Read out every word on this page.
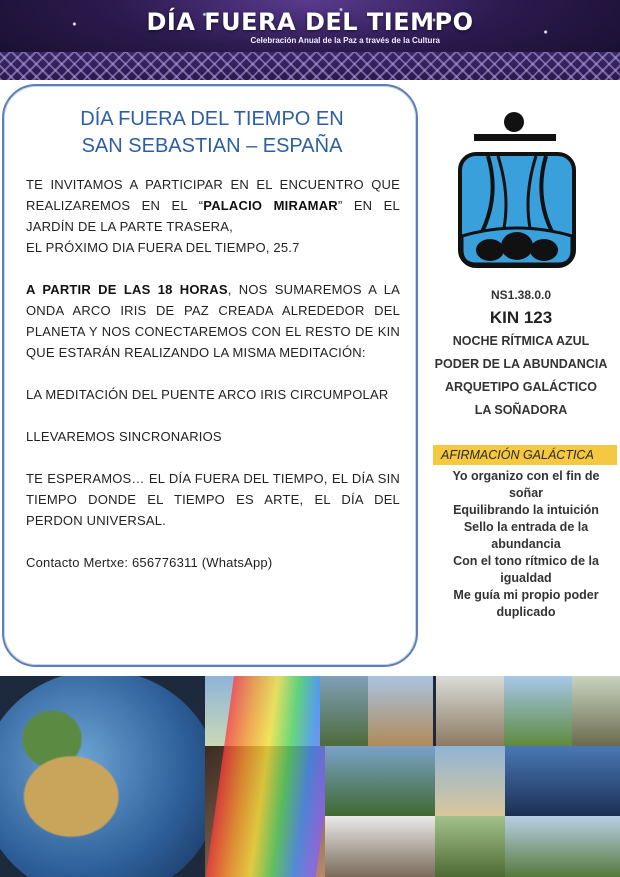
DÍA FUERA DEL TIEMPO
Celebración Anual de la Paz a través de la Cultura
DÍA FUERA DEL TIEMPO EN
SAN SEBASTIAN – ESPAÑA

TE INVITAMOS A PARTICIPAR EN EL ENCUENTRO QUE REALIZAREMOS EN EL “PALACIO MIRAMAR” EN EL JARDÍN DE LA PARTE TRASERA,

EL PRÓXIMO DIA FUERA DEL TIEMPO, 25.7

A PARTIR DE LAS 18 HORAS, NOS SUMAREMOS A LA ONDA ARCO IRIS DE PAZ CREADA ALREDEDOR DEL PLANETA Y NOS CONECTAREMOS CON EL RESTO DE KIN QUE ESTARÁN REALIZANDO LA MISMA MEDITACIÓN:

LA MEDITACIÓN DEL PUENTE ARCO IRIS CIRCUMPOLAR

LLEVAREMOS SINCRONARIOS

TE ESPERAMOS… EL DÍA FUERA DEL TIEMPO, EL DÍA SIN TIEMPO DONDE EL TIEMPO ES ARTE, EL DÍA DEL PERDON UNIVERSAL.

Contacto Mertxe: 656776311 (WhatsApp)

NS1.38.0.0
KIN 123
NOCHE RÍTMICA AZUL
PODER DE LA ABUNDANCIA
ARQUETIPO GALÁCTICO
LA SOÑADORA
AFIRMACIÓN GALÁCTICA
Yo organizo con el fin de soñar
Equilibrando la intuición
Sello la entrada de la abundancia
Con el tono rítmico de la igualdad
Me guía mi propio poder duplicado
